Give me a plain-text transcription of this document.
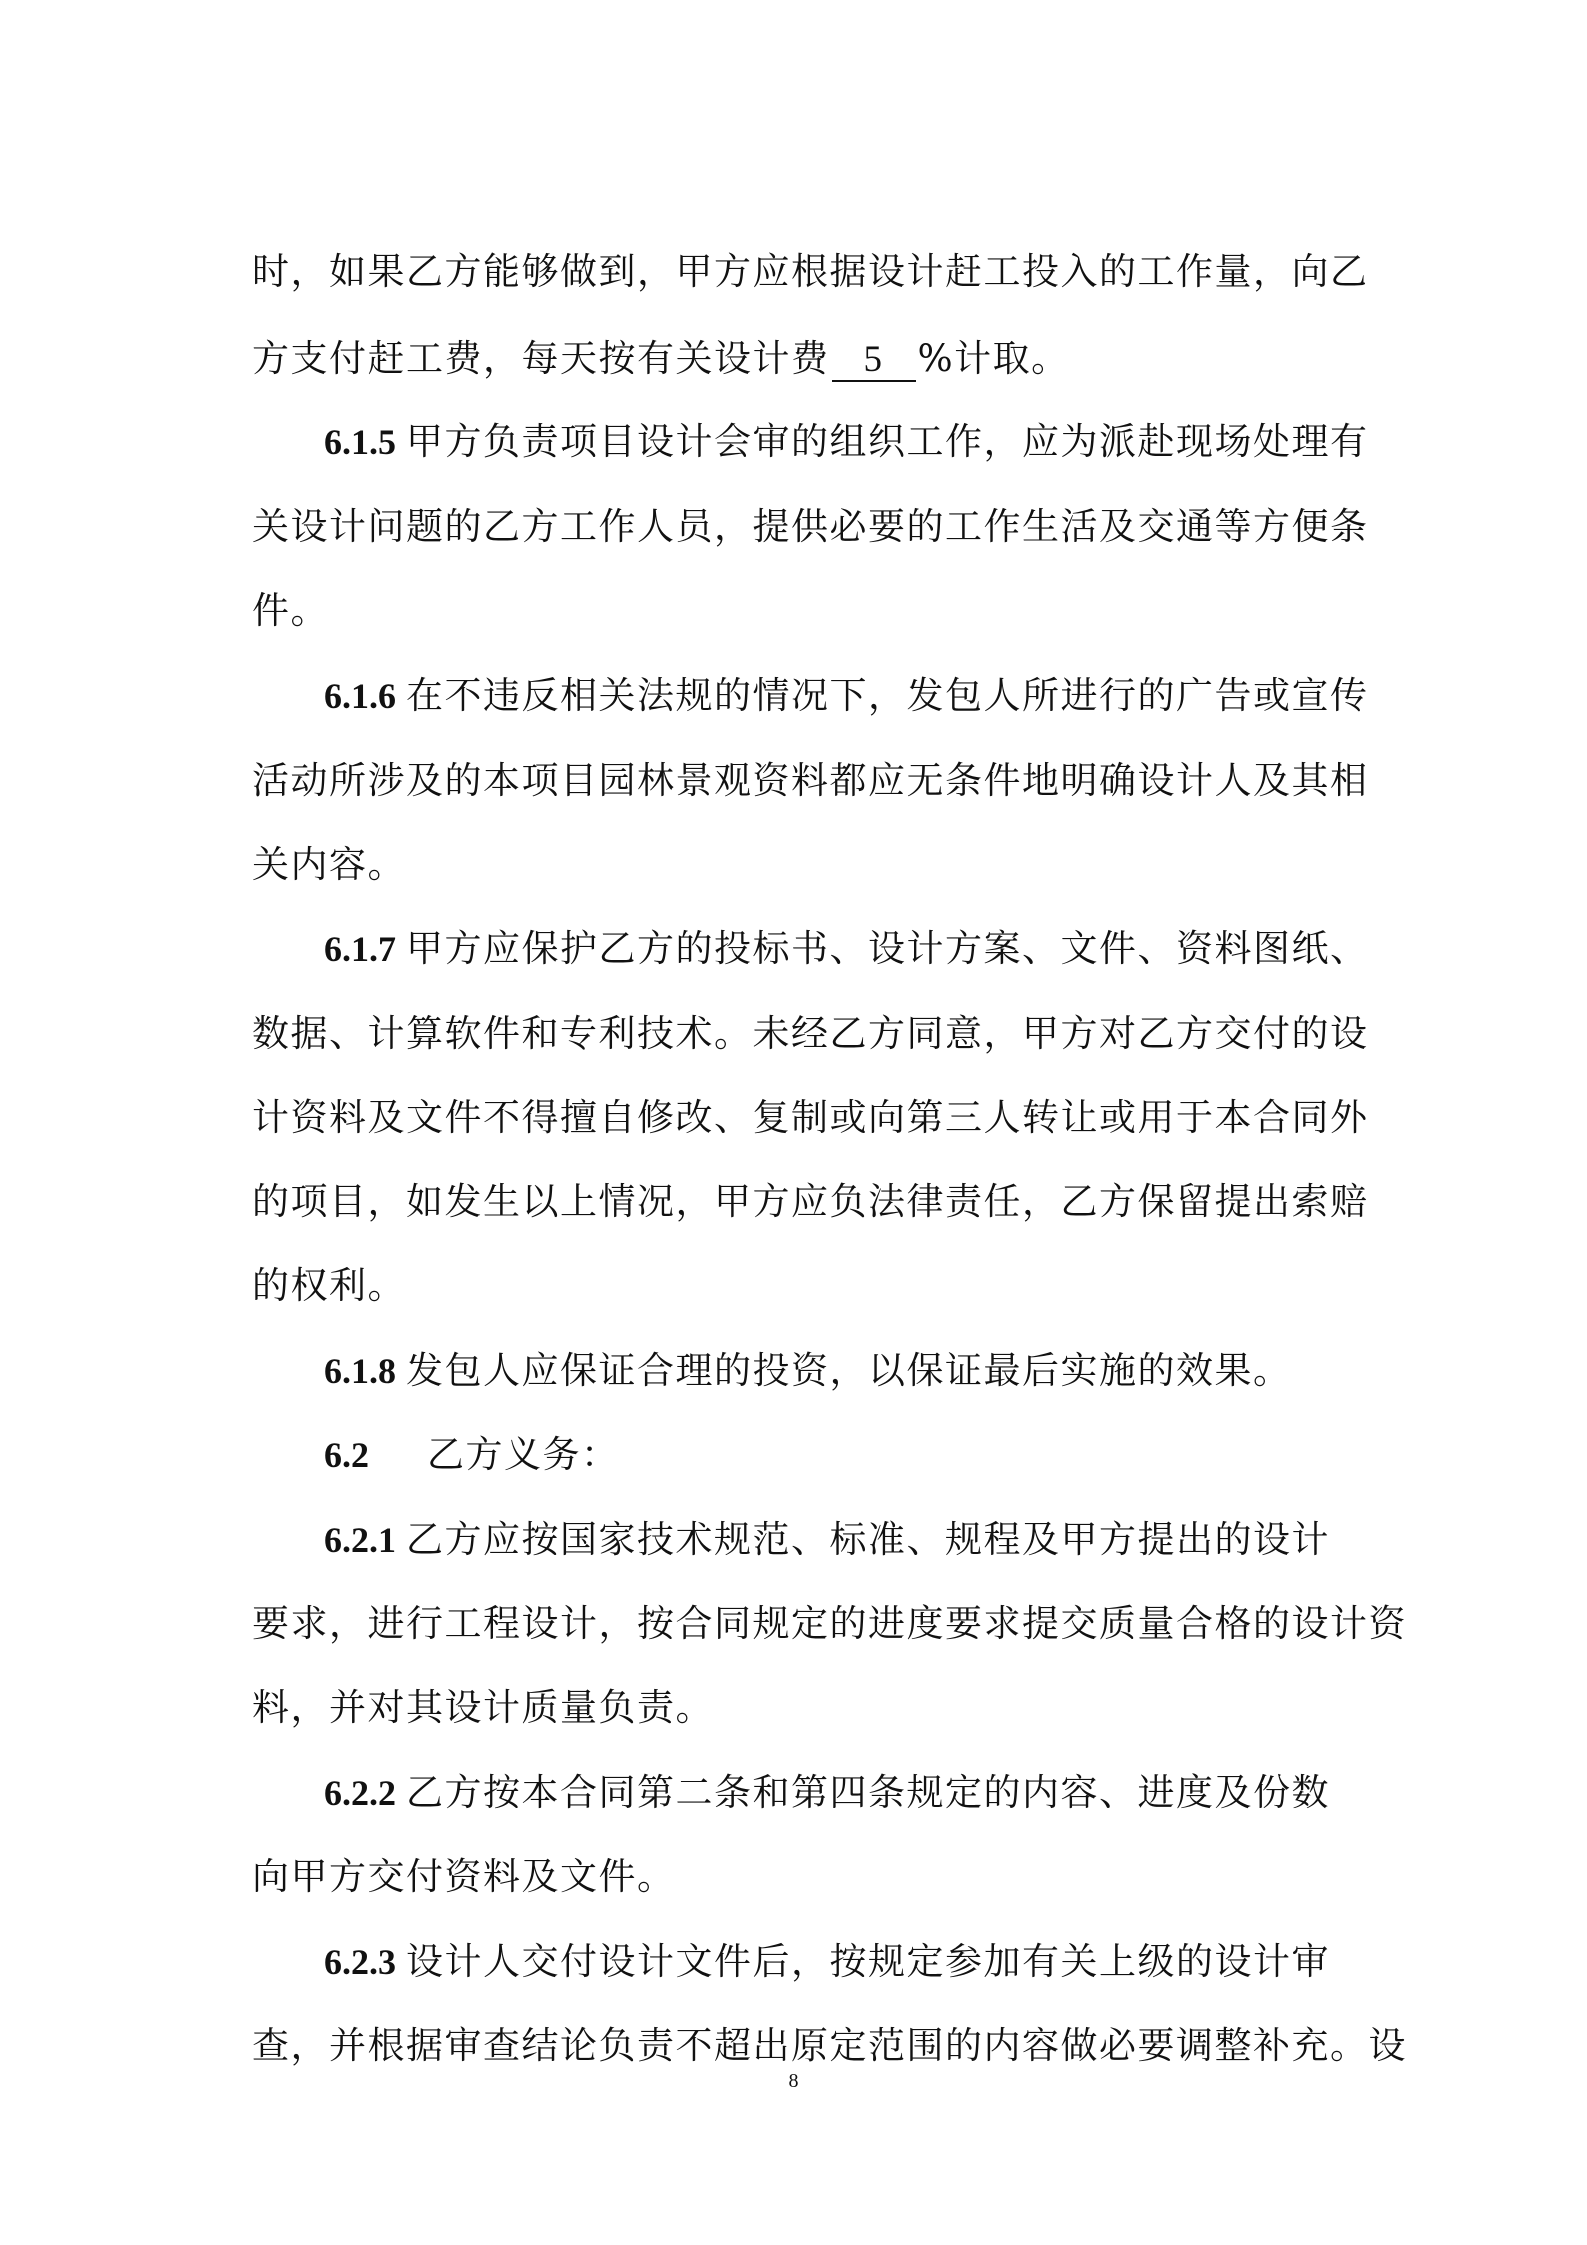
时，如果乙方能够做到，甲方应根据设计赶工投入的工作量，向乙
方支付赶工费，每天按有关设计费 5 %计取。
6.1.5 甲方负责项目设计会审的组织工作，应为派赴现场处理有
关设计问题的乙方工作人员，提供必要的工作生活及交通等方便条
件。
6.1.6 在不违反相关法规的情况下，发包人所进行的广告或宣传
活动所涉及的本项目园林景观资料都应无条件地明确设计人及其相
关内容。
6.1.7 甲方应保护乙方的投标书、设计方案、文件、资料图纸、
数据、计算软件和专利技术。未经乙方同意，甲方对乙方交付的设
计资料及文件不得擅自修改、复制或向第三人转让或用于本合同外
的项目，如发生以上情况，甲方应负法律责任，乙方保留提出索赔
的权利。
6.1.8 发包人应保证合理的投资，以保证最后实施的效果。
6.2 乙方义务：
6.2.1 乙方应按国家技术规范、标准、规程及甲方提出的设计
要求，进行工程设计，按合同规定的进度要求提交质量合格的设计资
料，并对其设计质量负责。
6.2.2 乙方按本合同第二条和第四条规定的内容、进度及份数
向甲方交付资料及文件。
6.2.3 设计人交付设计文件后，按规定参加有关上级的设计审
查，并根据审查结论负责不超出原定范围的内容做必要调整补充。设
8
